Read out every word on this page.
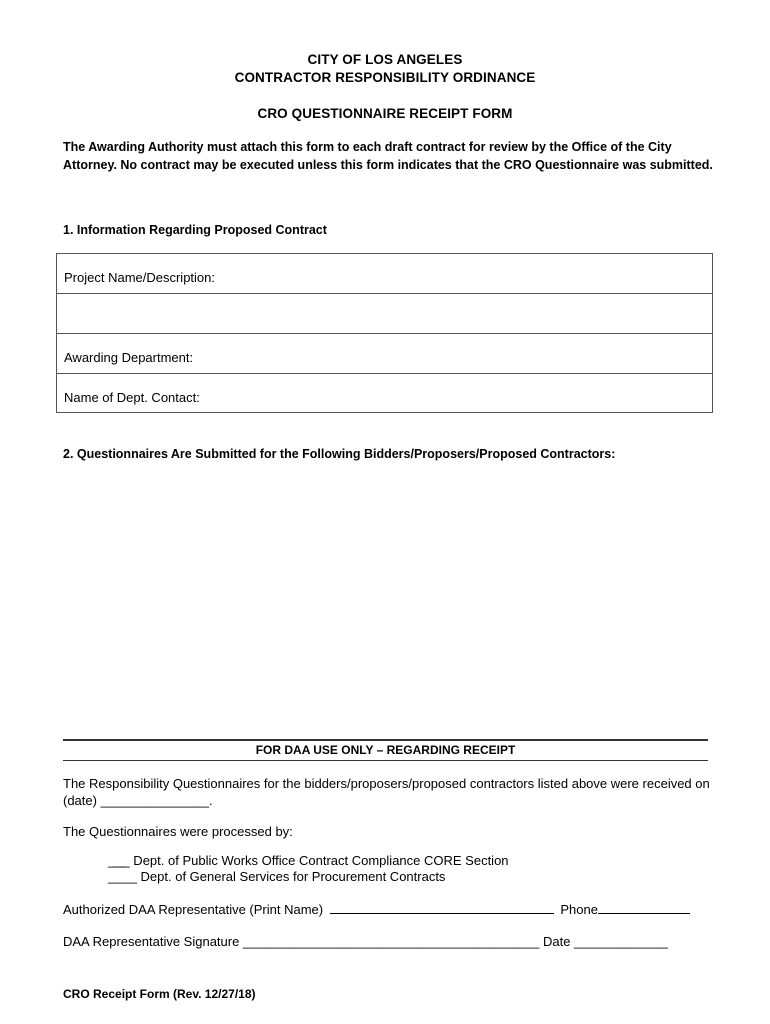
CITY OF LOS ANGELES
CONTRACTOR RESPONSIBILITY ORDINANCE
CRO QUESTIONNAIRE RECEIPT FORM
The Awarding Authority must attach this form to each draft contract for review by the Office of the City Attorney. No contract may be executed unless this form indicates that the CRO Questionnaire was submitted.
1. Information Regarding Proposed Contract
Project Name/Description:
Awarding Department:
Name of Dept. Contact:
2. Questionnaires Are Submitted for the Following Bidders/Proposers/Proposed Contractors:
FOR DAA USE ONLY – REGARDING RECEIPT
The Responsibility Questionnaires for the bidders/proposers/proposed contractors listed above were received on (date) _______________.
The Questionnaires were processed by:
_̲_̲_ Dept. of Public Works Office Contract Compliance CORE Section
____ Dept. of General Services for Procurement Contracts
Authorized DAA Representative (Print Name)	Phone
DAA Representative Signature _________________________________________ Date _____________
CRO Receipt Form (Rev. 12/27/18)
